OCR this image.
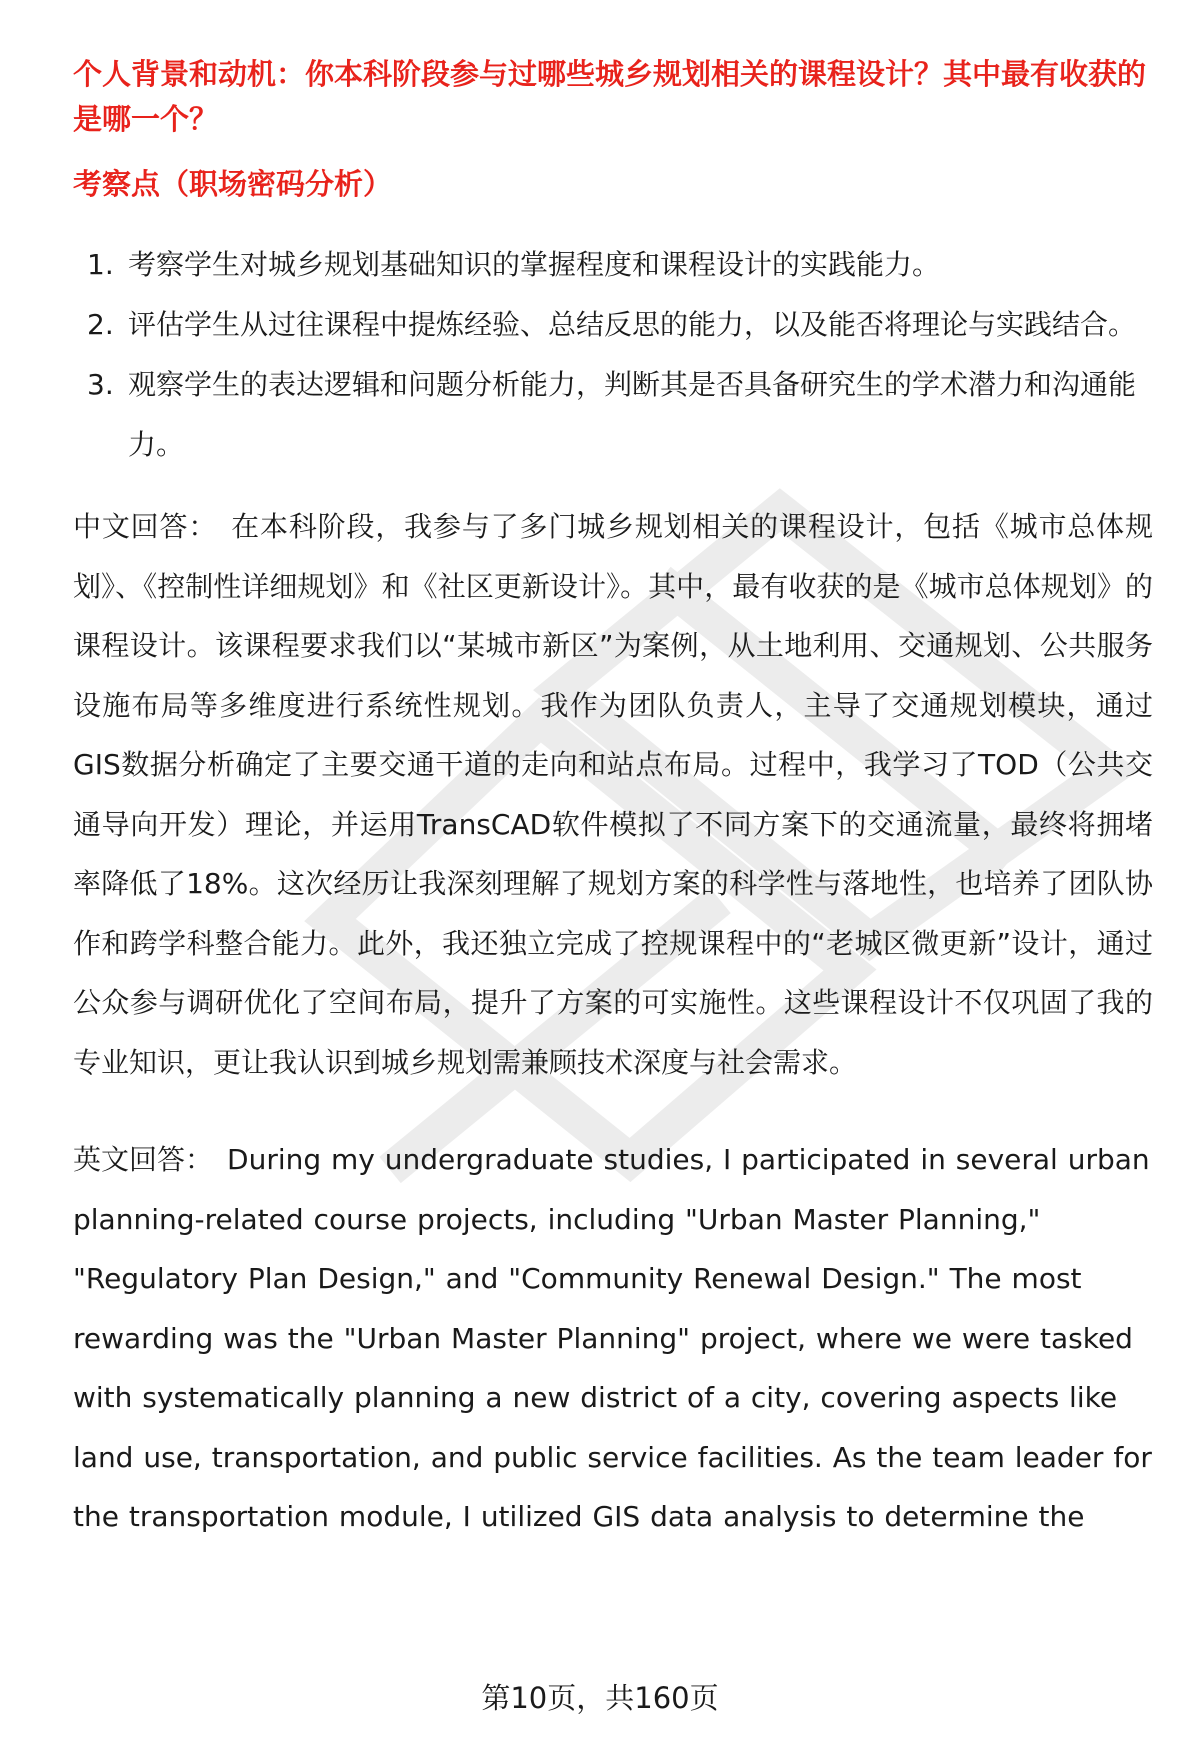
个人背景和动机：你本科阶段参与过哪些城乡规划相关的课程设计？其中最有收获的是哪一个？

考察点（职场密码分析）

1. 考察学生对城乡规划基础知识的掌握程度和课程设计的实践能力。
2. 评估学生从过往课程中提炼经验、总结反思的能力，以及能否将理论与实践结合。
3. 观察学生的表达逻辑和问题分析能力，判断其是否具备研究生的学术潜力和沟通能力。

中文回答： 在本科阶段，我参与了多门城乡规划相关的课程设计，包括《城市总体规划》、《控制性详细规划》和《社区更新设计》。其中，最有收获的是《城市总体规划》的课程设计。该课程要求我们以“某城市新区”为案例，从土地利用、交通规划、公共服务设施布局等多维度进行系统性规划。我作为团队负责人，主导了交通规划模块，通过GIS数据分析确定了主要交通干道的走向和站点布局。过程中，我学习了TOD（公共交通导向开发）理论，并运用TransCAD软件模拟了不同方案下的交通流量，最终将拥堵率降低了18%。这次经历让我深刻理解了规划方案的科学性与落地性，也培养了团队协作和跨学科整合能力。此外，我还独立完成了控规课程中的“老城区微更新”设计，通过公众参与调研优化了空间布局，提升了方案的可实施性。这些课程设计不仅巩固了我的专业知识，更让我认识到城乡规划需兼顾技术深度与社会需求。

英文回答： During my undergraduate studies, I participated in several urban planning-related course projects, including "Urban Master Planning," "Regulatory Plan Design," and "Community Renewal Design." The most rewarding was the "Urban Master Planning" project, where we were tasked with systematically planning a new district of a city, covering aspects like land use, transportation, and public service facilities. As the team leader for the transportation module, I utilized GIS data analysis to determine the

第10页，共160页
